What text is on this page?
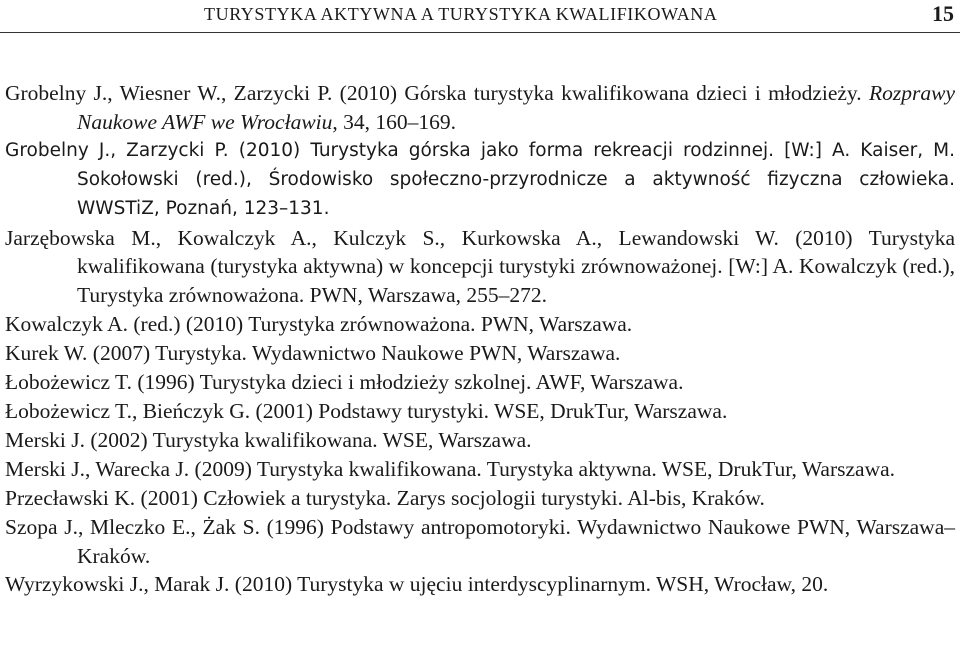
TURYSTYKA AKTYWNA A TURYSTYKA KWALIFIKOWANA	15

Grobelny J., Wiesner W., Zarzycki P. (2010) Górska turystyka kwalifikowana dzieci i młodzieży. Rozprawy Naukowe AWF we Wrocławiu, 34, 160–169.

Grobelny J., Zarzycki P. (2010) Turystyka górska jako forma rekreacji rodzinnej. [W:] A. Kaiser, M. Sokołowski (red.), Środowisko społeczno-przyrodnicze a aktywność fizyczna człowieka. WWSTiZ, Poznań, 123–131.

Jarzębowska M., Kowalczyk A., Kulczyk S., Kurkowska A., Lewandowski W. (2010) Turystyka kwalifikowana (turystyka aktywna) w koncepcji turystyki zrównoważonej. [W:] A. Kowalczyk (red.), Turystyka zrównoważona. PWN, Warszawa, 255–272.

Kowalczyk A. (red.) (2010) Turystyka zrównoważona. PWN, Warszawa.

Kurek W. (2007) Turystyka. Wydawnictwo Naukowe PWN, Warszawa.

Łobożewicz T. (1996) Turystyka dzieci i młodzieży szkolnej. AWF, Warszawa.

Łobożewicz T., Bieńczyk G. (2001) Podstawy turystyki. WSE, DrukTur, Warszawa.

Merski J. (2002) Turystyka kwalifikowana. WSE, Warszawa.

Merski J., Warecka J. (2009) Turystyka kwalifikowana. Turystyka aktywna. WSE, DrukTur, Warszawa.

Przecławski K. (2001) Człowiek a turystyka. Zarys socjologii turystyki. Al-bis, Kraków.

Szopa J., Mleczko E., Żak S. (1996) Podstawy antropomotoryki. Wydawnictwo Naukowe PWN, Warszawa–Kraków.

Wyrzykowski J., Marak J. (2010) Turystyka w ujęciu interdyscyplinarnym. WSH, Wrocław, 20.
